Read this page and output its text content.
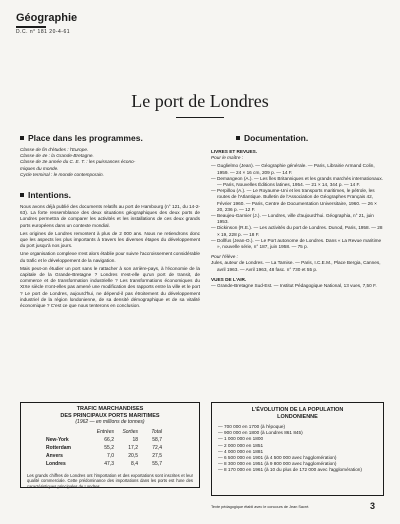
Géographie
D.C. n° 181 20-4-61
Le port de Londres
Place dans les programmes.
Classe de fin d'études : l'Europe.
Classe de 4e : la Grande-Bretagne.
Classe de 3e année du C. E. T. : les puissances écono-
miques du monde.
Cycle terminal : le monde contemporain.
Intentions.

Nous avons déjà publié des documents relatifs au port de Hambourg (n° 121, du 14-2-63). La forte ressemblance des deux situations géographiques des deux ports de Londres permettra de comparer les activités et les installations de ces deux grands ports européens dans un contexte mondial.

Les origines de Londres remontent à plus de 2 000 ans. Nous ne retiendrons donc que les aspects les plus importants à travers les diverses étapes du développement du port jusqu'à nos jours.

Une organisation complexe s'est alors établie pour suivre l'accroissement considérable du trafic et le développement de la navigation.

Mais peut-on étudier un port sans le rattacher à son arrière-pays, à l'économie de la capitale de la Grande-Bretagne ? Londres n'est-elle qu'un port de transit, de commerce et de transformation industrielle ? Les transformations économiques du XIXe siècle n'ont-elles pas amené une modification des rapports entre la ville et le port ? Le port de Londres, aujourd'hui, ne dépend-il pas étroitement du développement industriel de la région londonienne, de sa densité démographique et de sa vitalité économique ? C'est ce que nous tenterons en conclusion.

TRAFIC MARCHANDISES
DES PRINCIPAUX PORTS MARITIMES
(1962 — en millions de tonnes)
	Entrées	Sorties	Total
New-York	66,2	18	58,7
Rotterdam	55,2	17,2	72,4
Anvers	7,0	20,5	27,5
Londres	47,3	8,4	55,7

Les grands chiffres de Londres ont l'importation et des exportations sont inscrites et leur qualité commerciale. Cette prédominance des importations dans les ports est l'une des caractéristiques principales de Londres.

Documentation.
LIVRES ET REVUES.
Pour le maître :
— Guglielmo (Jean). — Géographie générale. — Paris, Librairie Armand Colin, 1959. — 24 × 16 cm, 209 p. — 14 F.
— Demangeon (A.). — Les Îles Britanniques et les grands marchés internationaux. — Paris, Nouvelles Éditions latines, 1954. — 21 × 14, 344 p. — 14 F.
— Perpillou (A.). — Le Royaume-Uni et les transports maritimes, le pétrole, les routes de l'Atlantique. Bulletin de l'Association de Géographes Français 42, Février 1960. — Paris, Centre de Documentation Universitaire, 1960. — 26 × 20, 236 p. — 12 F.
— Beaujeu-Garnier (J.). — Londres, ville d'aujourd'hui. Géographia, n° 21, juin 1953.
— Dickinson (R.E.). — Les activités du port de Londres. Dunod, Paris, 1958. — 28 × 19, 228 p. — 18 F.
— Dollfus (Jean-O.). — Le Port autonome de Londres. Dans « La Revue maritime », nouvelle série, n° 187, juin 1958. — 75 p.
Pour l'élève :
Jules, auteur de Londres. — La Tamise. — Paris, I.C.E.M., Place Bergia, Cannes, avril 1963. — Avril 1963, 48 fasc. n° 730 et 55 p.
VUES DE L'AIR.
— Grande-Bretagne Sud-Est. — Institut Pédagogique National, 13 vues, 7,50 F.
L'ÉVOLUTION DE LA POPULATION
LONDONIENNE
— 700 000 en 1700 (à l'époque)
— 900 000 en 1800 (à Londres 861 845)
— 1 000 000 en 1800
— 2 000 000 en 1851
— 4 000 000 en 1881
— 6 500 000 en 1901 (à 4 500 000 avec l'agglomération)
— 8 300 000 en 1951 (à 9 800 000 avec l'agglomération)
— 8 170 000 en 1961 (à 10 du plus de 172 000 avec l'agglomération)
Texte pédagogique établi avec le concours de Jean Sacré.	3
